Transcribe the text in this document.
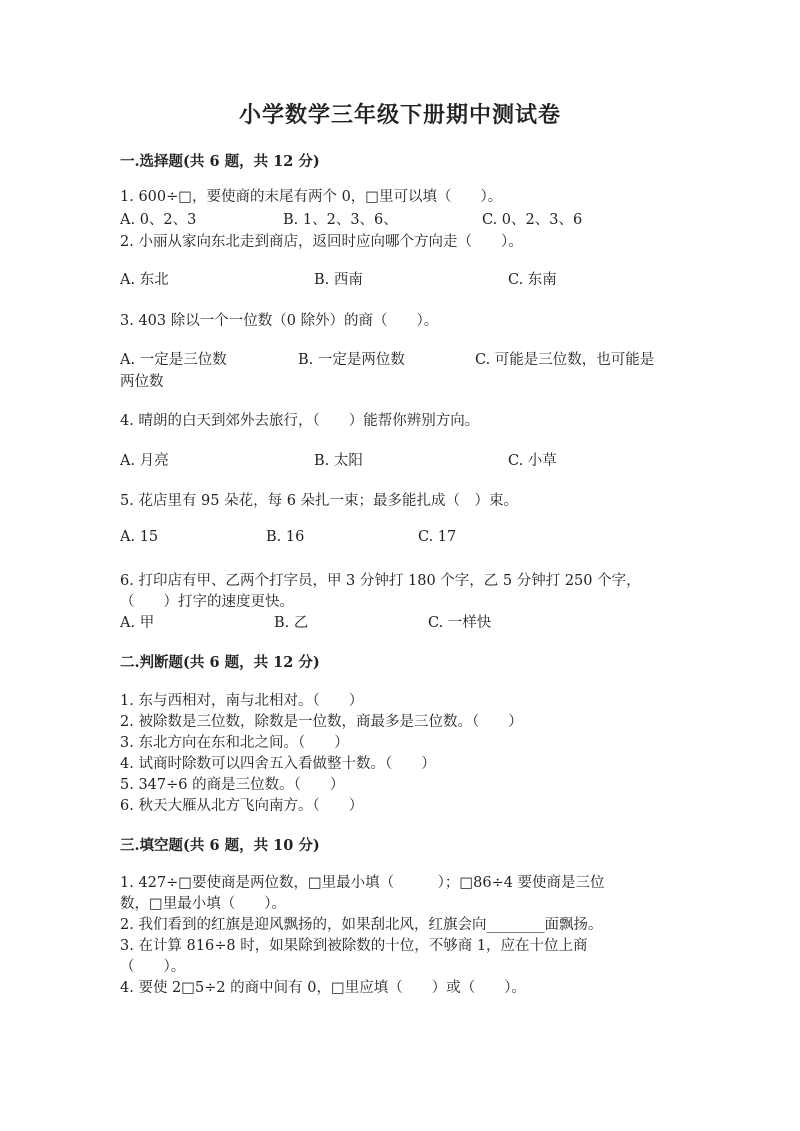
小学数学三年级下册期中测试卷
一.选择题(共 6 题，共 12 分)
1. 600÷□，要使商的末尾有两个 0，□里可以填（　　）。
A. 0、2、3	B. 1、2、3、6、	C. 0、2、3、6
2. 小丽从家向东北走到商店，返回时应向哪个方向走（　　）。
A. 东北	B. 西南	C. 东南
3. 403 除以一个一位数（0 除外）的商（　　）。
A. 一定是三位数	B. 一定是两位数	C. 可能是三位数，也可能是
两位数
4. 晴朗的白天到郊外去旅行，（　　）能帮你辨别方向。
A. 月亮	B. 太阳	C. 小草
5. 花店里有 95 朵花，每 6 朵扎一束；最多能扎成（　）束。
A. 15	B. 16	C. 17
6. 打印店有甲、乙两个打字员，甲 3 分钟打 180 个字，乙 5 分钟打 250 个字，
（　　）打字的速度更快。
A. 甲	B. 乙	C. 一样快
二.判断题(共 6 题，共 12 分)
1. 东与西相对，南与北相对。（　　）
2. 被除数是三位数，除数是一位数，商最多是三位数。（　　）
3. 东北方向在东和北之间。（　　）
4. 试商时除数可以四舍五入看做整十数。（　　）
5. 347÷6 的商是三位数。（　　）
6. 秋天大雁从北方飞向南方。（　　）
三.填空题(共 6 题，共 10 分)
1. 427÷□要使商是两位数，□里最小填（　　　）；□86÷4 要使商是三位
数，□里最小填（　　）。
2. 我们看到的红旗是迎风飘扬的，如果刮北风，红旗会向________面飘扬。
3. 在计算 816÷8 时，如果除到被除数的十位，不够商 1，应在十位上商
（　　）。
4. 要使 2□5÷2 的商中间有 0，□里应填（　　）或（　　）。
